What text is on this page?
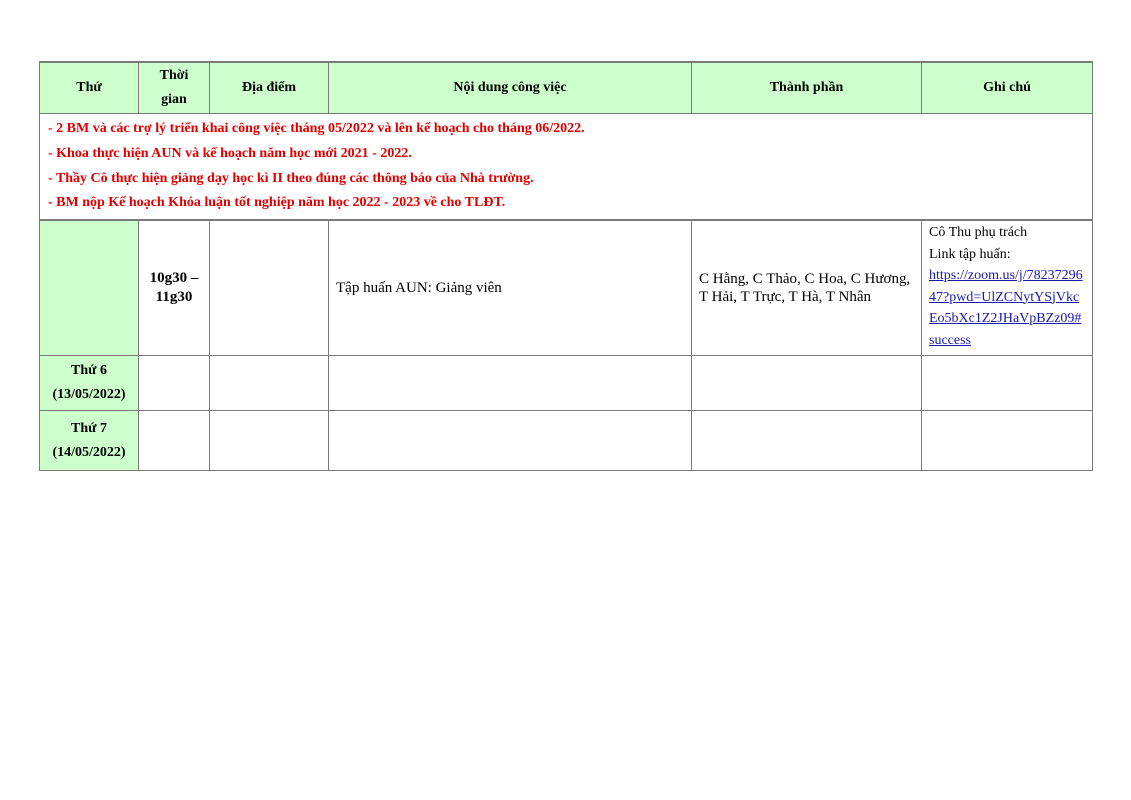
Thứ	Thời gian	Địa điểm	Nội dung công việc	Thành phần	Ghi chú

- 2 BM và các trợ lý triển khai công việc tháng 05/2022 và lên kế hoạch cho tháng 06/2022.
- Khoa thực hiện AUN và kế hoạch năm học mới 2021 - 2022.
- Thầy Cô thực hiện giảng dạy học kì II theo đúng các thông báo của Nhà trường.
- BM nộp Kế hoạch Khóa luận tốt nghiệp năm học 2022 - 2023 về cho TLĐT.					

	10g30 – 11g30		Tập huấn AUN: Giảng viên	C Hằng, C Thảo, C Hoa, C Hương, T Hải, T Trực, T Hà, T Nhân	Cô Thu phụ trách
Link tập huấn:
https://zoom.us/j/7823729647?pwd=UlZCNytYSjVkcEo5bXc1Z2JHaVpBZz09#success

Thứ 6
(13/05/2022)					

Thứ 7
(14/05/2022)					
